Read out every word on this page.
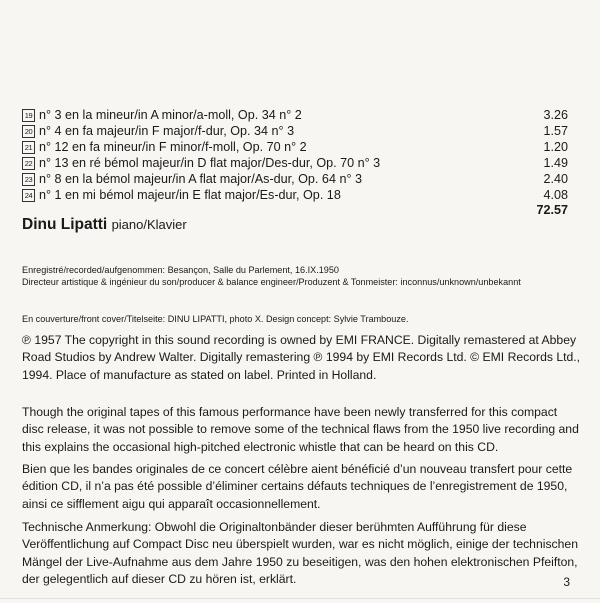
19 n° 3 en la mineur/in A minor/a-moll, Op. 34 n° 2	3.26
20 n° 4 en fa majeur/in F major/f-dur, Op. 34 n° 3	1.57
21 n° 12 en fa mineur/in F minor/f-moll, Op. 70 n° 2	1.20
22 n° 13 en ré bémol majeur/in D flat major/Des-dur, Op. 70 n° 3	1.49
23 n° 8 en la bémol majeur/in A flat major/As-dur, Op. 64 n° 3	2.40
24 n° 1 en mi bémol majeur/in E flat major/Es-dur, Op. 18	4.08
72.57
Dinu Lipatti piano/Klavier
Enregistré/recorded/aufgenommen: Besançon, Salle du Parlement, 16.IX.1950
Directeur artistique & ingénieur du son/producer & balance engineer/Produzent & Tonmeister: inconnus/unknown/unbekannt
En couverture/front cover/Titelseite: DINU LIPATTI, photo X. Design concept: Sylvie Trambouze.
℗ 1957 The copyright in this sound recording is owned by EMI FRANCE. Digitally remastered at Abbey Road Studios by Andrew Walter. Digitally remastering ℗ 1994 by EMI Records Ltd. © EMI Records Ltd., 1994. Place of manufacture as stated on label. Printed in Holland.
Though the original tapes of this famous performance have been newly transferred for this compact disc release, it was not possible to remove some of the technical flaws from the 1950 live recording and this explains the occasional high-pitched electronic whistle that can be heard on this CD.
Bien que les bandes originales de ce concert célèbre aient bénéficié d’un nouveau transfert pour cette édition CD, il n’a pas été possible d’éliminer certains défauts techniques de l’enregistrement de 1950, ainsi ce sifflement aigu qui apparaît occasionnellement.
Technische Anmerkung: Obwohl die Originaltonbänder dieser berühmten Aufführung für diese Veröffentlichung auf Compact Disc neu überspielt wurden, war es nicht möglich, einige der technischen Mängel der Live-Aufnahme aus dem Jahre 1950 zu beseitigen, was den hohen elektronischen Pfeifton, der gelegentlich auf dieser CD zu hören ist, erklärt.	3
